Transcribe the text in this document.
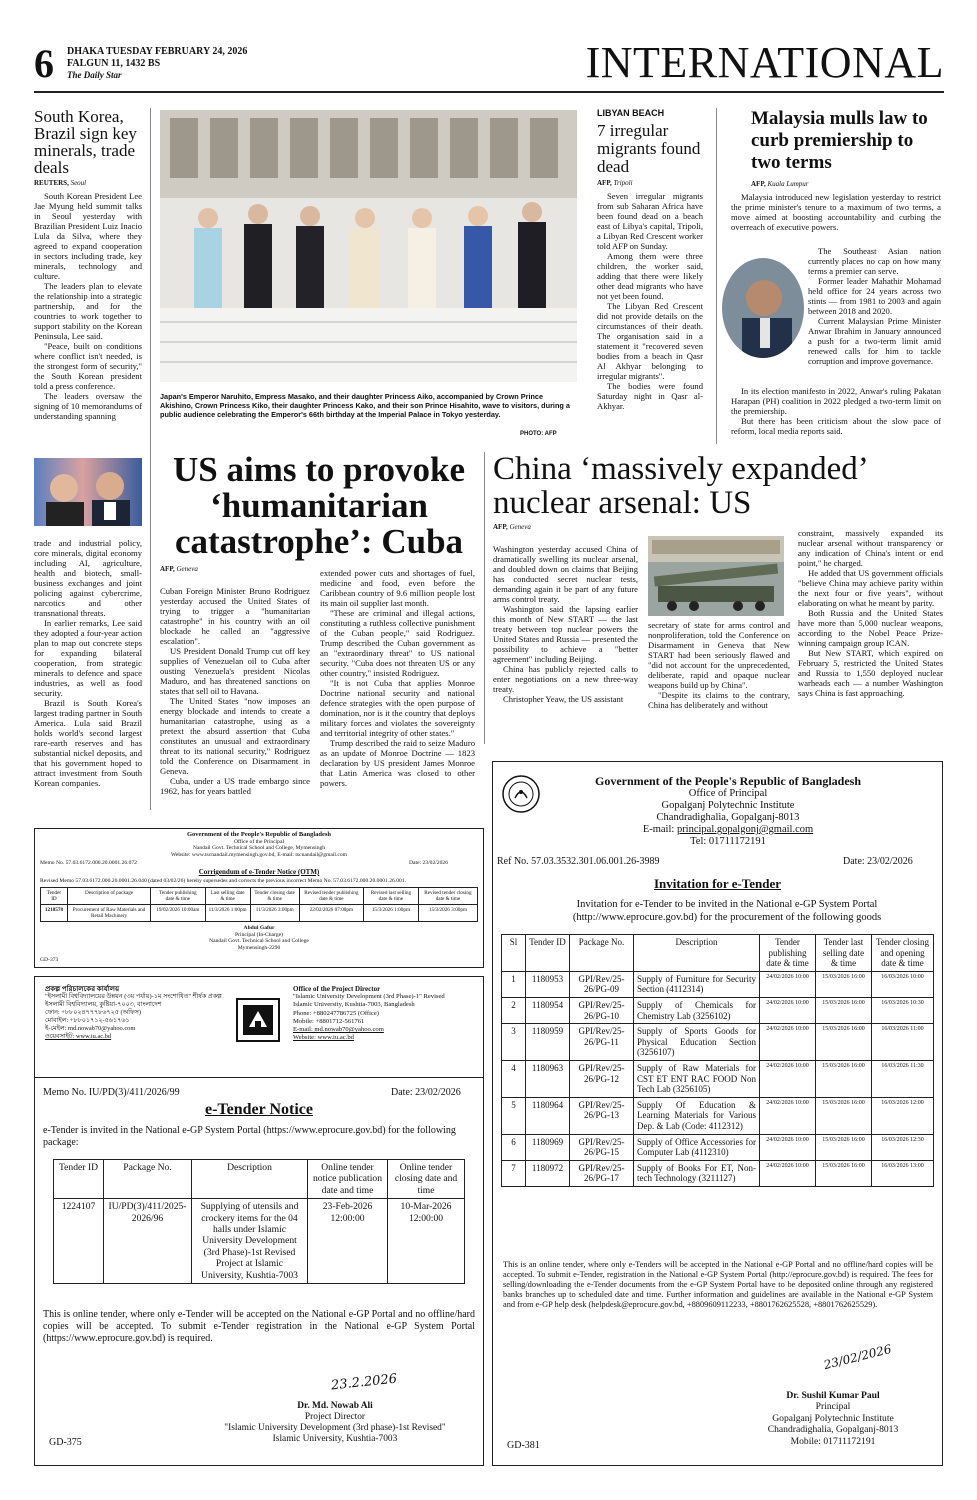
6 DHAKA TUESDAY FEBRUARY 24, 2026
FALGUN 11, 1432 BS
The Daily Star	INTERNATIONAL
South Korea, Brazil sign key minerals, trade deals
REUTERS, Seoul

South Korean President Lee Jae Myung held summit talks in Seoul yesterday with Brazilian President Luiz Inacio Lula da Silva, where they agreed to expand cooperation in sectors including trade, key minerals, technology and culture.

The leaders plan to elevate the relationship into a strategic partnership, and for the countries to work together to support stability on the Korean Peninsula, Lee said.

"Peace, built on conditions where conflict isn't needed, is the strongest form of security," the South Korean president told a press conference.

The leaders oversaw the signing of 10 memorandums of understanding spanning

trade and industrial policy, core minerals, digital economy including AI, agriculture, health and biotech, small-business exchanges and joint policing against cybercrime, narcotics and other transnational threats.

In earlier remarks, Lee said they adopted a four-year action plan to map out concrete steps for expanding bilateral cooperation, from strategic minerals to defence and space industries, as well as food security.

Brazil is South Korea's largest trading partner in South America. Lula said Brazil holds world's second largest rare-earth reserves and has substantial nickel deposits, and that his government hoped to attract investment from South Korean companies.

Japan's Emperor Naruhito, Empress Masako, and their daughter Princess Aiko, accompanied by Crown Prince Akishino, Crown Princess Kiko, their daughter Princess Kako, and their son Prince Hisahito, wave to visitors, during a public audience celebrating the Emperor's 66th birthday at the Imperial Palace in Tokyo yesterday.
PHOTO: AFP
LIBYAN BEACH
7 irregular migrants found dead
AFP, Tripoli

Seven irregular migrants from sub Saharan Africa have been found dead on a beach east of Libya's capital, Tripoli, a Libyan Red Crescent worker told AFP on Sunday.

Among them were three children, the worker said, adding that there were likely other dead migrants who have not yet been found.

The Libyan Red Crescent did not provide details on the circumstances of their death. The organisation said in a statement it "recovered seven bodies from a beach in Qasr Al Akhyar belonging to irregular migrants".

The bodies were found Saturday night in Qasr al-Akhyar.

Malaysia mulls law to curb premiership to two terms
AFP, Kuala Lumpur

Malaysia introduced new legislation yesterday to restrict the prime minister's tenure to a maximum of two terms, a move aimed at boosting accountability and curbing the overreach of executive powers.

The Southeast Asian nation currently places no cap on how many terms a premier can serve.

Former leader Mahathir Mohamad held office for 24 years across two stints — from 1981 to 2003 and again between 2018 and 2020.

Current Malaysian Prime Minister Anwar Ibrahim in January announced a push for a two-term limit amid renewed calls for him to tackle corruption and improve governance.

In its election manifesto in 2022, Anwar's ruling Pakatan Harapan (PH) coalition in 2022 pledged a two-term limit on the premiership.

But there has been criticism about the slow pace of reform, local media reports said.

US aims to provoke ‘humanitarian catastrophe’: Cuba
AFP, Geneva

Cuban Foreign Minister Bruno Rodriguez yesterday accused the United States of trying to trigger a "humanitarian catastrophe" in his country with an oil blockade he called an "aggressive escalation".

US President Donald Trump cut off key supplies of Venezuelan oil to Cuba after ousting Venezuela's president Nicolas Maduro, and has threatened sanctions on states that sell oil to Havana.

The United States "now imposes an energy blockade and intends to create a humanitarian catastrophe, using as a pretext the absurd assertion that Cuba constitutes an unusual and extraordinary threat to its national security," Rodriguez told the Conference on Disarmament in Geneva.

Cuba, under a US trade embargo since 1962, has for years battled

extended power cuts and shortages of fuel, medicine and food, even before the Caribbean country of 9.6 million people lost its main oil supplier last month.

"These are criminal and illegal actions, constituting a ruthless collective punishment of the Cuban people," said Rodriguez. Trump described the Cuban government as an "extraordinary threat" to US national security. "Cuba does not threaten US or any other country," insisted Rodriguez.

"It is not Cuba that applies Monroe Doctrine national security and national defence strategies with the open purpose of domination, nor is it the country that deploys military forces and violates the sovereignty and territorial integrity of other states."

Trump described the raid to seize Maduro as an update of Monroe Doctrine — 1823 declaration by US president James Monroe that Latin America was closed to other powers.

China ‘massively expanded’ nuclear arsenal: US
AFP, Geneva

Washington yesterday accused China of dramatically swelling its nuclear arsenal, and doubled down on claims that Beijing has conducted secret nuclear tests, demanding again it be part of any future arms control treaty.

Washington said the lapsing earlier this month of New START — the last treaty between top nuclear powers the United States and Russia — presented the possibility to achieve a "better agreement" including Beijing.

China has publicly rejected calls to enter negotiations on a new three-way treaty.

Christopher Yeaw, the US assistant

secretary of state for arms control and nonproliferation, told the Conference on Disarmament in Geneva that New START had been seriously flawed and "did not account for the unprecedented, deliberate, rapid and opaque nuclear weapons build up by China".

"Despite its claims to the contrary, China has deliberately and without

constraint, massively expanded its nuclear arsenal without transparency or any indication of China's intent or end point," he charged.

He added that US government officials "believe China may achieve parity within the next four or five years", without elaborating on what he meant by parity.

Both Russia and the United States have more than 5,000 nuclear weapons, according to the Nobel Peace Prize-winning campaign group ICAN.

But New START, which expired on February 5, restricted the United States and Russia to 1,550 deployed nuclear warheads each — a number Washington says China is fast approaching.

Government of the People's Republic of Bangladesh
Office of the Principal
Nandail Govt. Technical School and College, Mymensingh
Website: www.tscnandail.mymensingh.gov.bd, E-mail: tscnandail@gmail.com
Memo No. 57.03.6172.000.20.0001.26.072	Date: 23/02/2026
Corrigendum of e-Tender Notice (OTM)
Revised Memo 57.03.6172.000.20.0001.26.040 (dated 03/02/26) hereby supersedes and corrects the previous incorrect Memo No. 57.03.6172.000.20.0001.26.001.
Tender ID	Description of package	Tender publishing date & time	Last selling date & time	Tender closing date & time	Revised tender publishing date & time	Revised last selling date & time	Revised tender closing date & time
1218578	Procurement of Raw Materials and Retail Machinery	19/02/2026 10:00am	11/3/2026 1:00pm	11/3/2026 3:00pm	22/02/2026 07:00pm	15/3/2026 1:00pm	15/3/2026 3:00pm
Abdul Gafur
Principal (In-Charge)
Nandail Govt. Technical School and College
Mymensingh-2290
GD-373
প্রকল্প পরিচালকের কার্যালয়
"ইসলামী বিশ্ববিদ্যালয়ের উন্নয়ন (৩য় পর্যায়)-১ম সংশোধিত" শীর্ষক প্রকল্প
ইসলামী বিশ্ববিদ্যালয়, কুষ্টিয়া-৭০০৩, বাংলাদেশ
ফোন: +৮৮০২৪৭৭৭৮৬৭২৫ (অফিস)
মোবাইল: +৮৮০১৭১২-৫৬১৭৬১
ই-মেইল: md.nowab70@yahoo.com
ওয়েবসাইট: www.iu.ac.bd
Office of the Project Director
"Islamic University Development (3rd Phase)-1" Revised
Islamic University, Kushtia-7003, Bangladesh
Phone: +880247786725 (Office)
Mobile: +8801712-561761
E-mail: md.nowab70@yahoo.com
Website: www.iu.ac.bd
Memo No. IU/PD(3)/411/2026/99	Date: 23/02/2026
e-Tender Notice
e-Tender is invited in the National e-GP System Portal (https://www.eprocure.gov.bd) for the following package:
Tender ID	Package No.	Description	Online tender notice publication date and time	Online tender closing date and time
1224107	IU/PD(3)/411/2025-2026/96	Supplying of utensils and crockery items for the 04 halls under Islamic University Development (3rd Phase)-1st Revised Project at Islamic University, Kushtia-7003	23-Feb-2026 12:00:00	10-Mar-2026 12:00:00
This is online tender, where only e-Tender will be accepted on the National e-GP Portal and no offline/hard copies will be accepted. To submit e-Tender registration in the National e-GP System Portal (https://www.eprocure.gov.bd) is required.
23.2.2026
Dr. Md. Nowab Ali
Project Director
"Islamic University Development (3rd phase)-1st Revised"
Islamic University, Kushtia-7003
GD-375
Government of the People's Republic of Bangladesh
Office of Principal
Gopalganj Polytechnic Institute
Chandradighalia, Gopalganj-8013
E-mail: principal.gopalgonj@gmail.com
Tel: 01711172191
Ref No. 57.03.3532.301.06.001.26-3989	Date: 23/02/2026
Invitation for e-Tender
Invitation for e-Tender to be invited in the National e-GP System Portal (http://www.eprocure.gov.bd) for the procurement of the following goods
Sl	Tender ID	Package No.	Description	Tender publishing date & time	Tender last selling date & time	Tender closing and opening date & time
1	1180953	GPI/Rev/25-26/PG-09	Supply of Furniture for Security Section (4112314)	24/02/2026 10:00	15/03/2026 16:00	16/03/2026 10:00
2	1180954	GPI/Rev/25-26/PG-10	Supply of Chemicals for Chemistry Lab (3256102)	24/02/2026 10:00	15/03/2026 16:00	16/03/2026 10:30
3	1180959	GPI/Rev/25-26/PG-11	Supply of Sports Goods for Physical Education Section (3256107)	24/02/2026 10:00	15/03/2026 16:00	16/03/2026 11:00
4	1180963	GPI/Rev/25-26/PG-12	Supply of Raw Materials for CST ET ENT RAC FOOD Non Tech Lab (3256105)	24/02/2026 10:00	15/03/2026 16:00	16/03/2026 11:30
5	1180964	GPI/Rev/25-26/PG-13	Supply Of Education & Learning Materials for Various Dep. & Lab (Code: 4112312)	24/02/2026 10:00	15/03/2026 16:00	16/03/2026 12:00
6	1180969	GPI/Rev/25-26/PG-15	Supply of Office Accessories for Computer Lab (4112310)	24/02/2026 10:00	15/03/2026 16:00	16/03/2026 12:30
7	1180972	GPI/Rev/25-26/PG-17	Supply of Books For ET, Non-tech Technology (3211127)	24/02/2026 10:00	15/03/2026 16:00	16/03/2026 13:00
This is an online tender, where only e-Tenders will be accepted in the National e-GP Portal and no offline/hard copies will be accepted. To submit e-Tender, registration in the National e-GP System Portal (http://eprocure.gov.bd) is required. The fees for selling/downloading the e-Tender documents from the e-GP System Portal have to be deposited online through any registered banks branches up to scheduled date and time. Further information and guidelines are available in the National e-GP System and from e-GP help desk (helpdesk@eprocure.gov.bd, +8809609112233, +8801762625528, +8801762625529).
23/02/2026
Dr. Sushil Kumar Paul
Principal
Gopalganj Polytechnic Institute
Chandradighalia, Gopalganj-8013
Mobile: 01711172191
GD-381
